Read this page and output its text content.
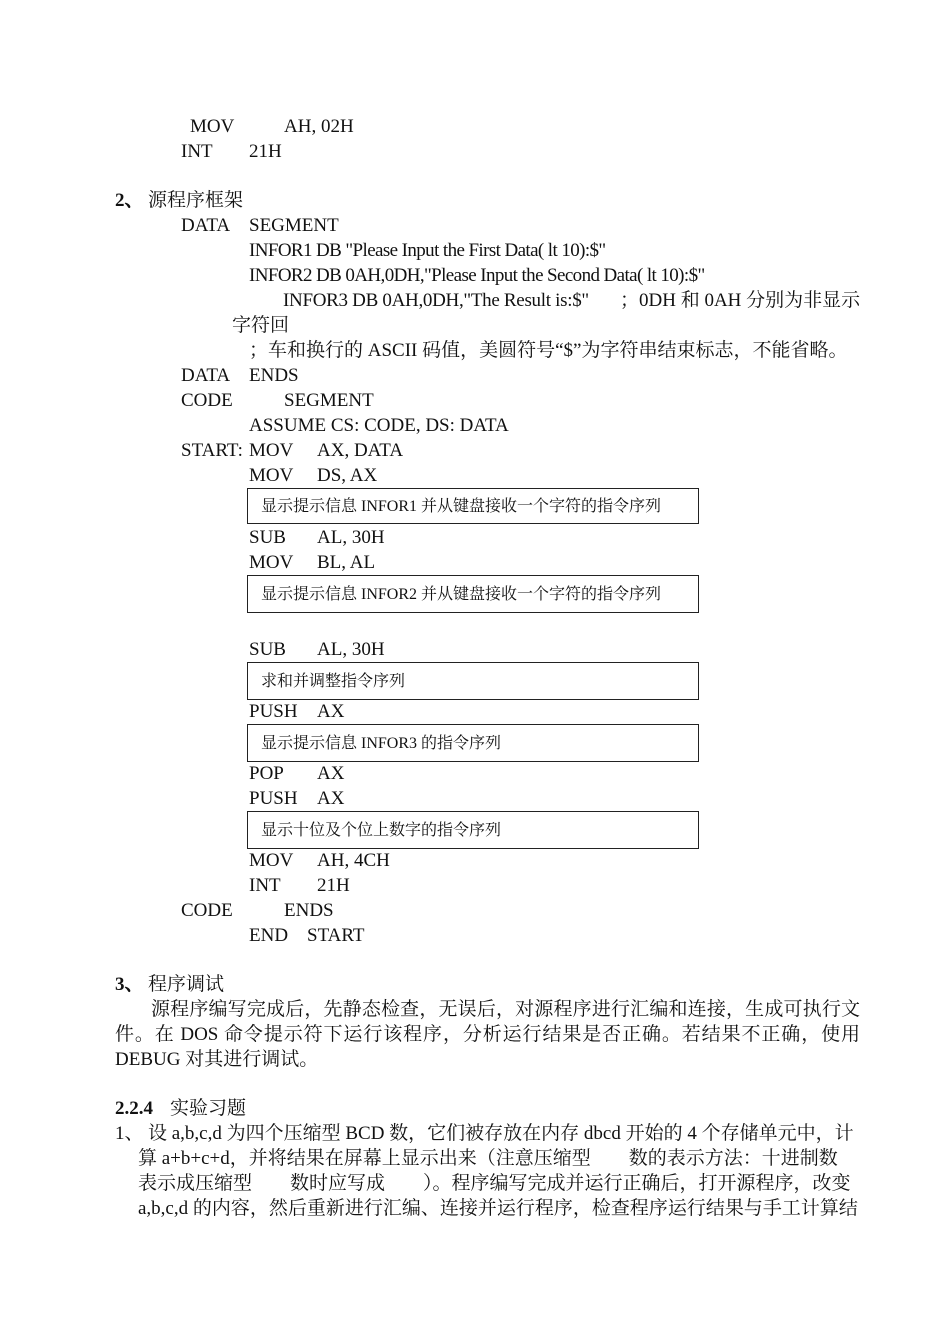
MOV	AH, 02H
INT 21H
2、 源程序框架
DATA SEGMENT
INFOR1 DB "Please Input the First Data( lt 10):$"
INFOR2 DB 0AH,0DH,"Please Input the Second Data( lt 10):$"
INFOR3 DB 0AH,0DH,"The Result is:$" ；0DH 和 0AH 分别为非显示
字符回
；车和换行的 ASCII 码值，美圆符号“$”为字符串结束标志，不能省略。
DATA ENDS
CODE	SEGMENT
ASSUME CS: CODE, DS: DATA
START: MOV AX, DATA
MOV DS, AX
显示提示信息 INFOR1 并从键盘接收一个字符的指令序列
SUB AL, 30H
MOV BL, AL
显示提示信息 INFOR2 并从键盘接收一个字符的指令序列
SUB AL, 30H
求和并调整指令序列
PUSH AX
显示提示信息 INFOR3 的指令序列
POP AX
PUSH AX
显示十位及个位上数字的指令序列
MOV AH, 4CH
INT 21H
CODE	ENDS
END START
3、 程序调试
源程序编写完成后，先静态检查，无误后，对源程序进行汇编和连接，生成可执行文件。在 DOS 命令提示符下运行该程序，分析运行结果是否正确。若结果不正确，使用 DEBUG 对其进行调试。
2.2.4 实验习题
1、 设 a,b,c,d 为四个压缩型 BCD 数，它们被存放在内存 dbcd 开始的 4 个存储单元中，计
算 a+b+c+d，并将结果在屏幕上显示出来（注意压缩型        数的表示方法：十进制数
表示成压缩型        数时应写成        ）。程序编写完成并运行正确后，打开源程序，改变
a,b,c,d 的内容，然后重新进行汇编、连接并运行程序，检查程序运行结果与手工计算结
